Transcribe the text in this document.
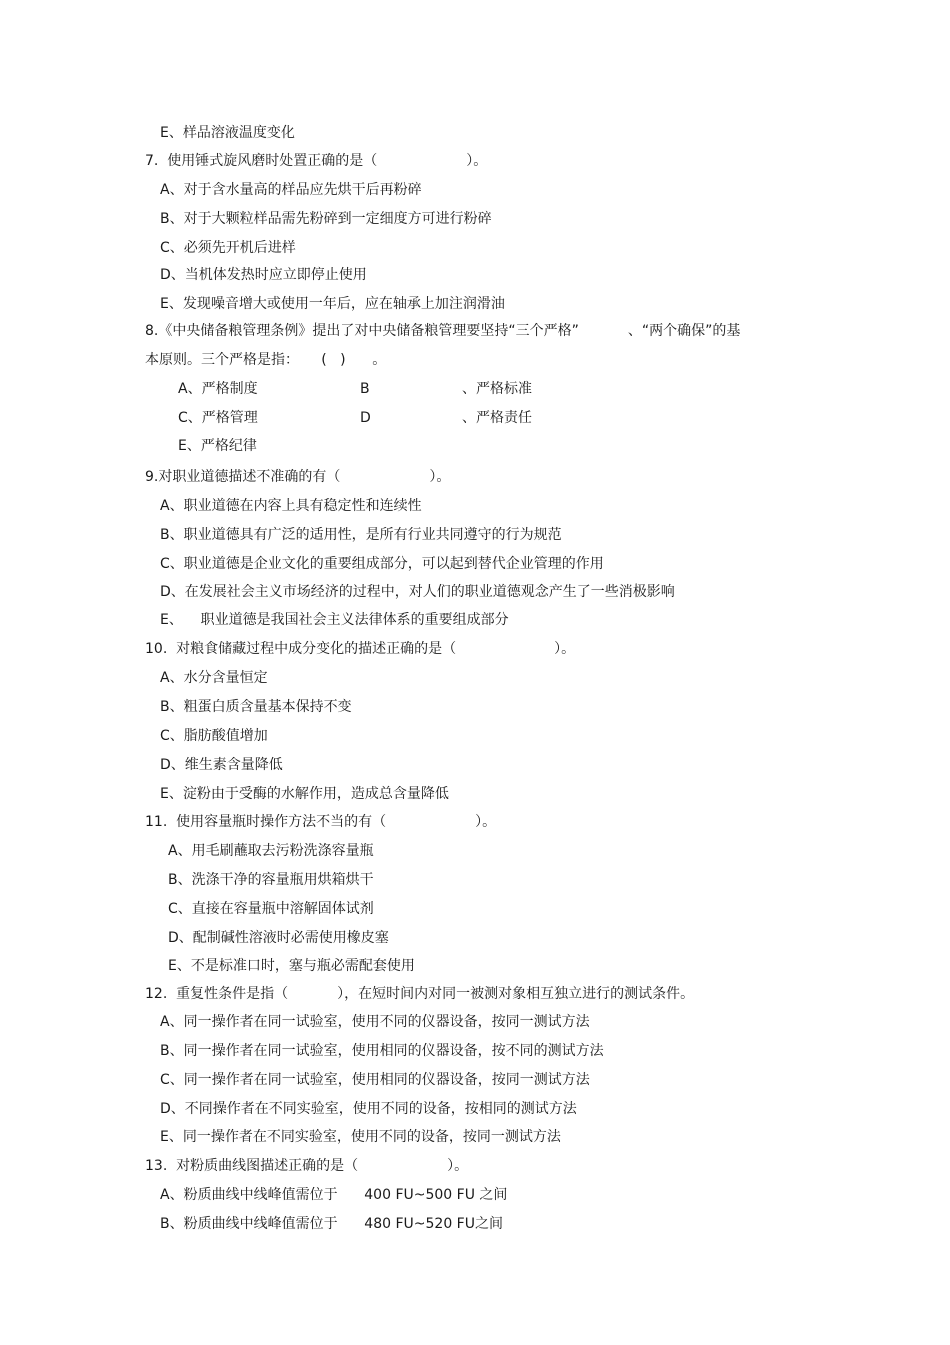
E、样品溶液温度变化
7.  使用锤式旋风磨时处置正确的是（                    ）。
A、对于含水量高的样品应先烘干后再粉碎
B、对于大颗粒样品需先粉碎到一定细度方可进行粉碎
C、必须先开机后进样
D、当机体发热时应立即停止使用
E、发现噪音增大或使用一年后，应在轴承上加注润滑油
8.《中央储备粮管理条例》提出了对中央储备粮管理要坚持“三个严格”           、“两个确保”的基
本原则。三个严格是指：     (   )      。
A、严格制度	B	、严格标准
C、严格管理	D	、严格责任
E、严格纪律
9.对职业道德描述不准确的有（                    ）。
A、职业道德在内容上具有稳定性和连续性
B、职业道德具有广泛的适用性，是所有行业共同遵守的行为规范
C、职业道德是企业文化的重要组成部分，可以起到替代企业管理的作用
D、在发展社会主义市场经济的过程中，对人们的职业道德观念产生了一些消极影响
E、    职业道德是我国社会主义法律体系的重要组成部分
10.  对粮食储藏过程中成分变化的描述正确的是（                      ）。
A、水分含量恒定
B、粗蛋白质含量基本保持不变
C、脂肪酸值增加
D、维生素含量降低
E、淀粉由于受酶的水解作用，造成总含量降低
11.  使用容量瓶时操作方法不当的有（                    ）。
A、用毛刷蘸取去污粉洗涤容量瓶
B、洗涤干净的容量瓶用烘箱烘干
C、直接在容量瓶中溶解固体试剂
D、配制碱性溶液时必需使用橡皮塞
E、不是标准口时，塞与瓶必需配套使用
12.  重复性条件是指（           ），在短时间内对同一被测对象相互独立进行的测试条件。
A、同一操作者在同一试验室，使用不同的仪器设备，按同一测试方法
B、同一操作者在同一试验室，使用相同的仪器设备，按不同的测试方法
C、同一操作者在同一试验室，使用相同的仪器设备，按同一测试方法
D、不同操作者在不同实验室，使用不同的设备，按相同的测试方法
E、同一操作者在不同实验室，使用不同的设备，按同一测试方法
13.  对粉质曲线图描述正确的是（                    ）。
A、粉质曲线中线峰值需位于      400 FU~500 FU 之间
B、粉质曲线中线峰值需位于      480 FU~520 FU之间
